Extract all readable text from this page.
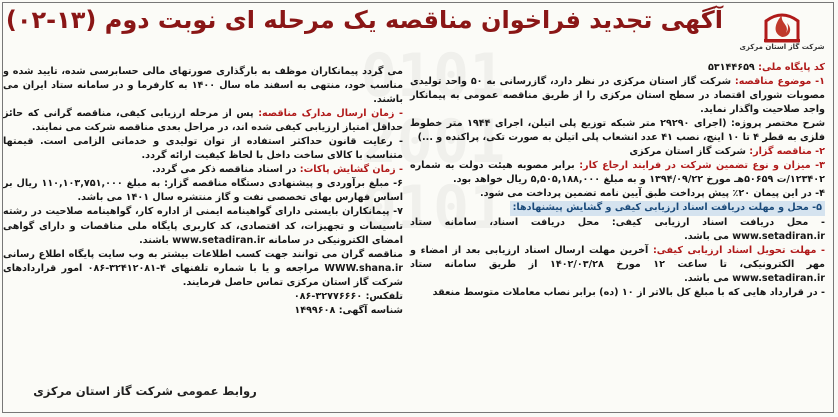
آگهی تجدید فراخوان مناقصه یک مرحله ای نوبت دوم (۱۳-۰۲)
شرکت گاز استان مرکزی

کد پایگاه ملی: ۵۳۱۴۴۶۵۹

۱- موضوع مناقصه: شرکت گاز استان مرکزی در نظر دارد، گازرسانی به ۵۰ واحد تولیدی مصوبات شورای اقتصاد در سطح استان مرکزی را از طریق مناقصه عمومی به پیمانکار واجد صلاحیت واگذار نماید.

شرح مختصر پروژه: (اجرای ۲۹۲۹۰ متر شبکه توزیع پلی اتیلن، اجرای ۱۹۴۴ متر خطوط فلزی به قطر ۴ تا ۱۰ اینچ، نصب ۴۱ عدد انشعاب پلی اتیلن به صورت تکی، پراکنده و ...)

۲- مناقصه گزار: شرکت گاز استان مرکزی

۳- میزان و نوع تضمین شرکت در فرایند ارجاع کار: برابر مصوبه هیئت دولت به شماره ۱۲۳۴۰۲/ت ۵۰۶۵۹هـ مورخ ۱۳۹۴/۰۹/۲۲ و به مبلغ ۵,۵۰۵,۱۸۸,۰۰۰ ریال خواهد بود.

۴- در این پیمان ۲۰٪ پیش پرداخت طبق آیین نامه تضمین پرداخت می شود.

۵- محل و مهلت دریافت اسناد ارزیابی کیفی و گشایش پیشنهادها:

- محل دریافت اسناد ارزیابی کیفی: محل دریافت اسناد، سامانه ستاد www.setadiran.ir می باشد.

- مهلت تحویل اسناد ارزیابی کیفی: آخرین مهلت ارسال اسناد ارزیابی بعد از امضاء و مهر الکترونیکی، تا ساعت ۱۲ مورخ ۱۴۰۲/۰۳/۲۸ از طریق سامانه ستاد www.setadiran.ir می باشد.

- در قرارداد هایی که با مبلغ کل بالاتر از ۱۰ (ده) برابر نصاب معاملات متوسط منعقد

می گردد پیمانکاران موظف به بارگذاری صورتهای مالی حسابرسی شده، تایید شده و مناسب خود، منتهی به اسفند ماه سال ۱۴۰۰ به کارفرما و در سامانه ستاد ایران می باشند.

- زمان ارسال مدارک مناقصه: پس از مرحله ارزیابی کیفی، مناقصه گرانی که حائز حداقل امتیاز ارزیابی کیفی شده اند، در مراحل بعدی مناقصه شرکت می نمایند.

- رعایت قانون حداکثر استفاده از توان تولیدی و خدماتی الزامی است. قیمتها متناسب با کالای ساخت داخل با لحاظ کیفیت ارائه گردد.

- زمان گشایش پاکات: در اسناد مناقصه ذکر می گردد.

۶- مبلغ برآوردی و پیشنهادی دستگاه مناقصه گزار: به مبلغ ۱۱۰,۱۰۳,۷۵۱,۰۰۰ ریال بر اساس فهارس بهای تخصصی نفت و گاز منتشره سال ۱۴۰۱ می باشد.

۷- پیمانکاران بایستی دارای گواهینامه ایمنی از اداره کار، گواهینامه صلاحیت در رشته تاسیسات و تجهیزات، کد اقتصادی، کد کاربری پایگاه ملی مناقصات و دارای گواهی امضای الکترونیکی در سامانه www.setadiran.ir باشند.

مناقصه گران می توانند جهت کسب اطلاعات بیشتر به وب سایت پایگاه اطلاع رسانی WWW.shana.ir مراجعه و یا با شماره تلفنهای ۴-۳۲۴۱۲۰۸۱-۰۸۶ امور قراردادهای شرکت گاز استان مرکزی تماس حاصل فرمایند.

تلفکس: ۳۲۷۷۶۶۶۰-۰۸۶

شناسه آگهی: ۱۴۹۹۶۰۸

روابط عمومی شرکت گاز استان مرکزی
